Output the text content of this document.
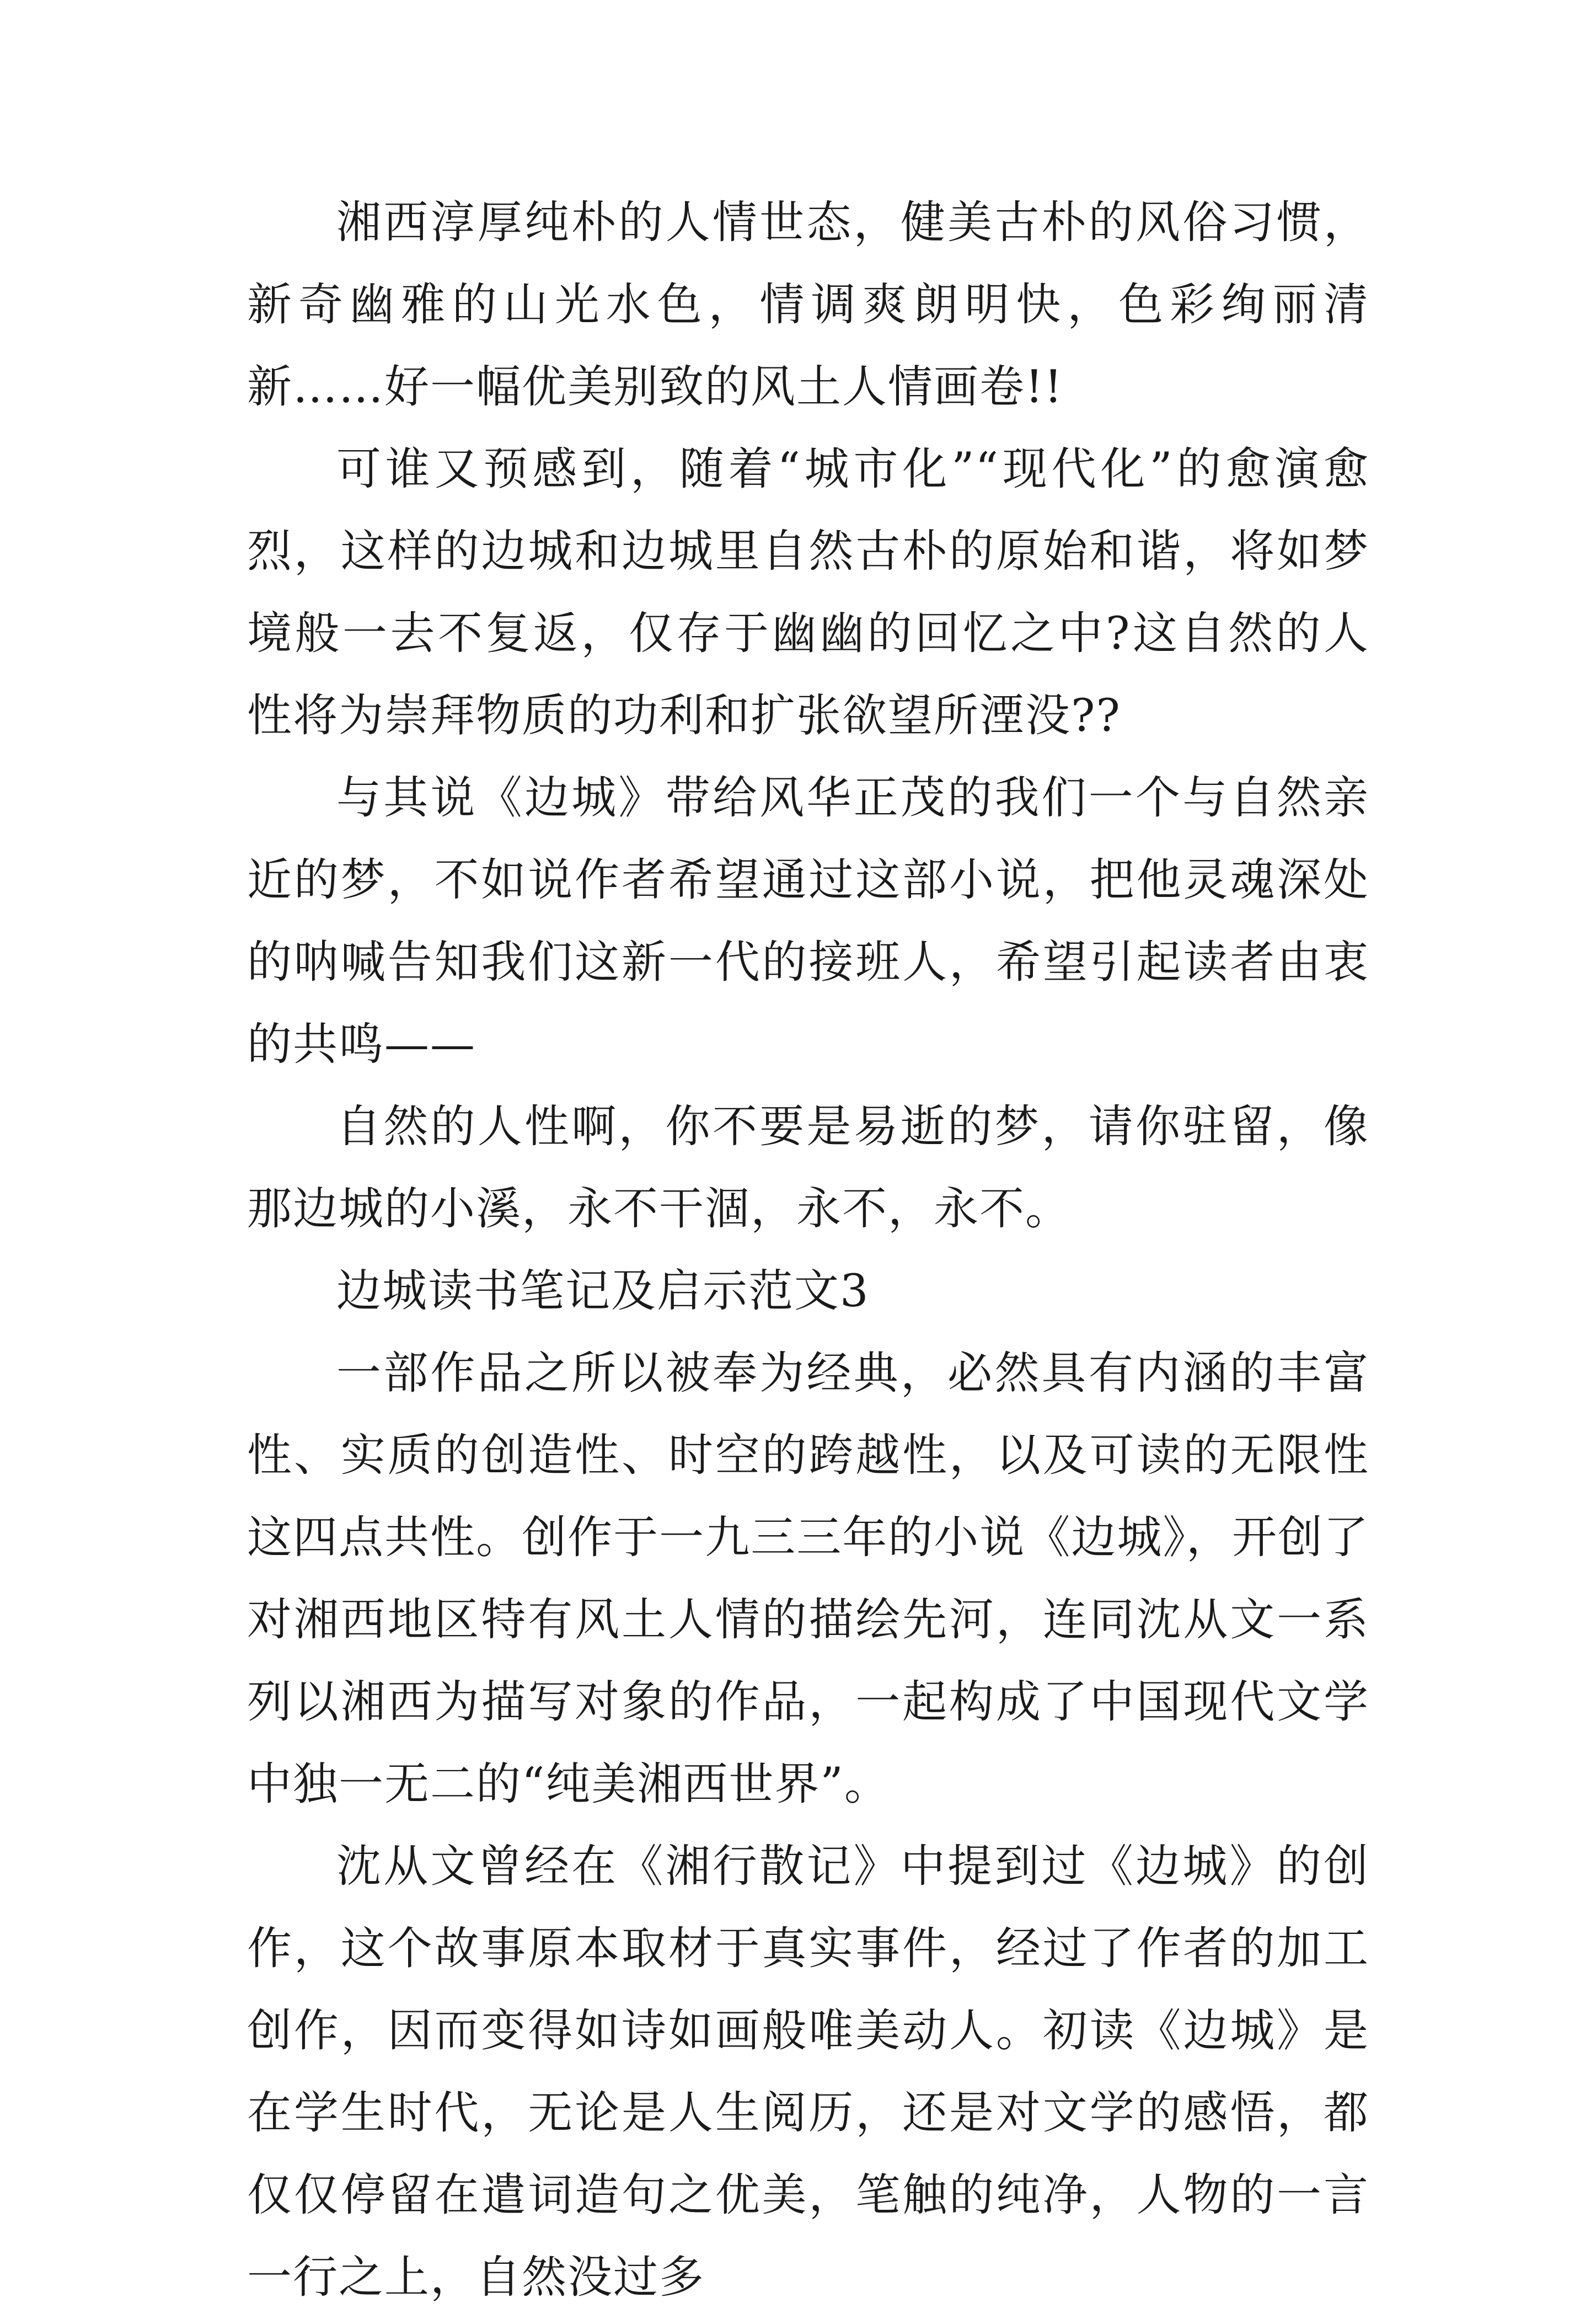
湘西淳厚纯朴的人情世态，健美古朴的风俗习惯，新奇幽雅的山光水色，情调爽朗明快，色彩绚丽清新……好一幅优美别致的风土人情画卷!!

可谁又预感到，随着“城市化”“现代化”的愈演愈烈，这样的边城和边城里自然古朴的原始和谐，将如梦境般一去不复返，仅存于幽幽的回忆之中?这自然的人性将为崇拜物质的功利和扩张欲望所湮没??

与其说《边城》带给风华正茂的我们一个与自然亲近的梦，不如说作者希望通过这部小说，把他灵魂深处的呐喊告知我们这新一代的接班人，希望引起读者由衷的共鸣——

自然的人性啊，你不要是易逝的梦，请你驻留，像那边城的小溪，永不干涸，永不，永不。

边城读书笔记及启示范文3

一部作品之所以被奉为经典，必然具有内涵的丰富性、实质的创造性、时空的跨越性，以及可读的无限性这四点共性。创作于一九三三年的小说《边城》，开创了对湘西地区特有风土人情的描绘先河，连同沈从文一系列以湘西为描写对象的作品，一起构成了中国现代文学中独一无二的“纯美湘西世界”。

沈从文曾经在《湘行散记》中提到过《边城》的创作，这个故事原本取材于真实事件，经过了作者的加工创作，因而变得如诗如画般唯美动人。初读《边城》是在学生时代，无论是人生阅历，还是对文学的感悟，都仅仅停留在遣词造句之优美，笔触的纯净，人物的一言一行之上，自然没过多
